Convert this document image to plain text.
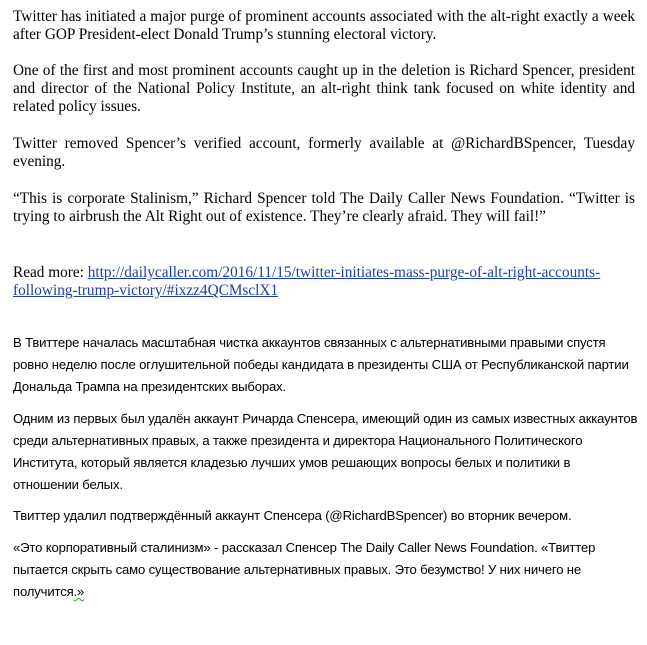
Twitter has initiated a major purge of prominent accounts associated with the alt-right exactly a week after GOP President-elect Donald Trump’s stunning electoral victory.

One of the first and most prominent accounts caught up in the deletion is Richard Spencer, president and director of the National Policy Institute, an alt-right think tank focused on white identity and related policy issues.

Twitter removed Spencer’s verified account, formerly available at @RichardBSpencer, Tuesday evening.

“This is corporate Stalinism,” Richard Spencer told The Daily Caller News Foundation. “Twitter is trying to airbrush the Alt Right out of existence. They’re clearly afraid. They will fail!”

Read more: http://dailycaller.com/2016/11/15/twitter-initiates-mass-purge-of-alt-right-accounts-following-trump-victory/#ixzz4QCMsclX1

В Твиттере началась масштабная чистка аккаунтов связанных с альтернативными правыми спустя ровно неделю после оглушительной победы кандидата в президенты США от Республиканской партии Дональда Трампа на президентских выборах.

Одним из первых был удалён аккаунт Ричарда Спенсера, имеющий один из самых известных аккаунтов среди альтернативных правых, а также президента и директора Национального Политического Института, который является кладезью лучших умов решающих вопросы белых и политики в отношении белых.

Твиттер удалил подтверждённый аккаунт Спенсера (@RichardBSpencer) во вторник вечером.

«Это корпоративный сталинизм» - рассказал Спенсер The Daily Caller News Foundation. «Твиттер пытается скрыть само существование альтернативных правых. Это безумство! У них ничего не получится.»
